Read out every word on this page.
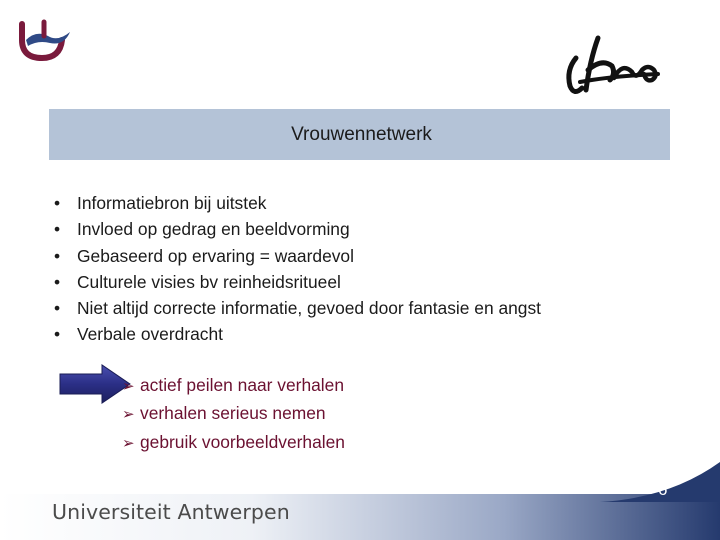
Vrouwennetwerk
• Informatiebron bij uitstek
• Invloed op gedrag en beeldvorming
• Gebaseerd op ervaring = waardevol
• Culturele visies bv reinheidsritueel
• Niet altijd correcte informatie, gevoed door fantasie en angst
• Verbale overdracht
➢ actief peilen naar verhalen
➢ verhalen serieus nemen
➢ gebruik voorbeeldverhalen
Universiteit Antwerpen
6
